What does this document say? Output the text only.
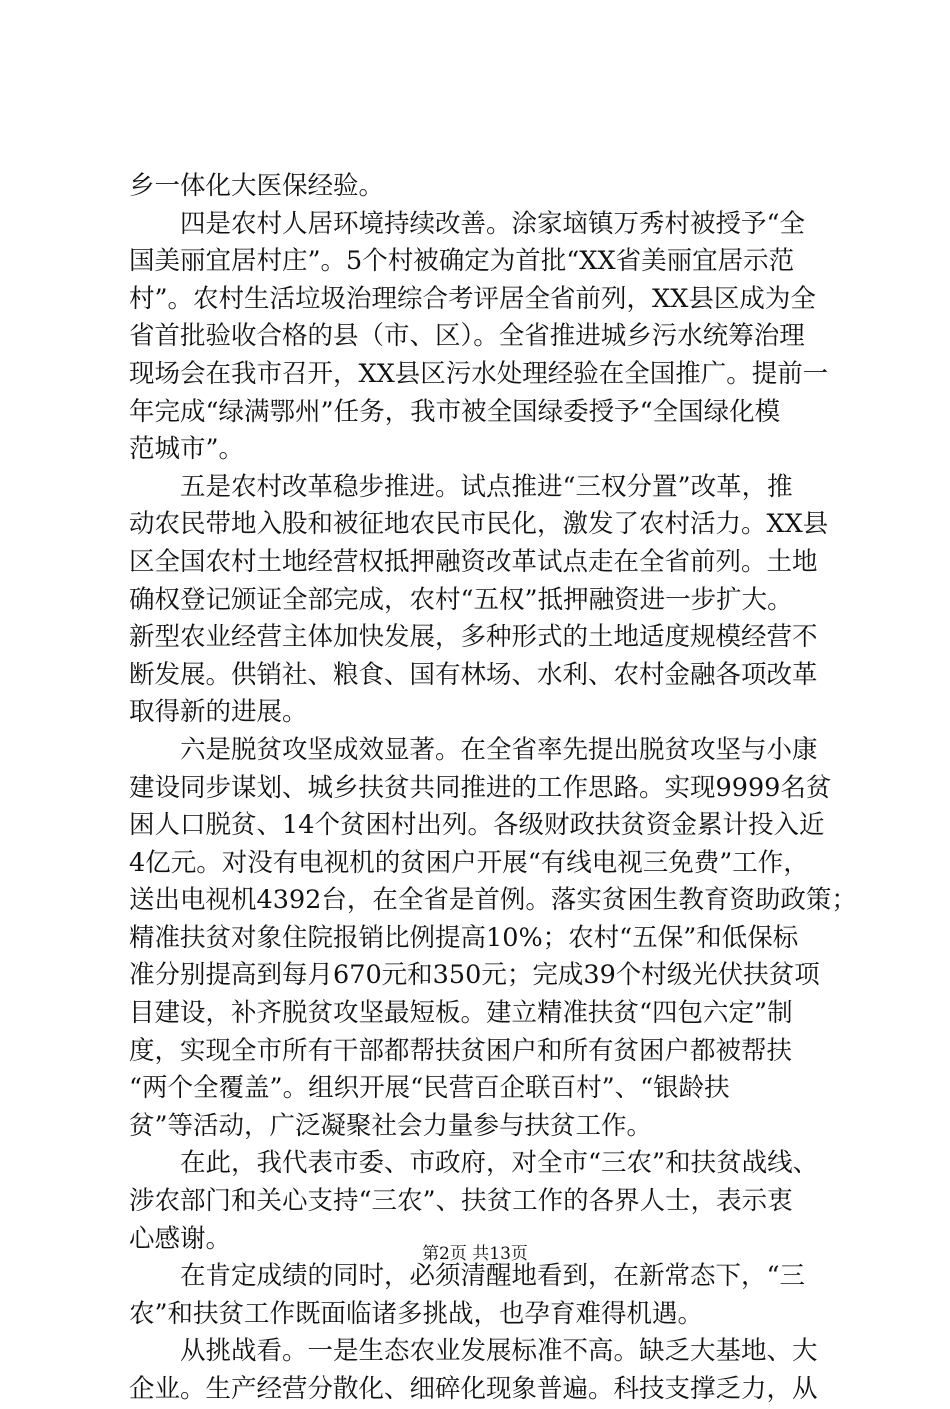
乡一体化大医保经验。
　　四是农村人居环境持续改善。涂家垴镇万秀村被授予“全
国美丽宜居村庄”。5个村被确定为首批“XX省美丽宜居示范
村”。农村生活垃圾治理综合考评居全省前列，XX县区成为全
省首批验收合格的县（市、区）。全省推进城乡污水统筹治理
现场会在我市召开，XX县区污水处理经验在全国推广。提前一
年完成“绿满鄂州”任务，我市被全国绿委授予“全国绿化模
范城市”。
　　五是农村改革稳步推进。试点推进“三权分置”改革，推
动农民带地入股和被征地农民市民化，激发了农村活力。XX县
区全国农村土地经营权抵押融资改革试点走在全省前列。土地
确权登记颁证全部完成，农村“五权”抵押融资进一步扩大。
新型农业经营主体加快发展，多种形式的土地适度规模经营不
断发展。供销社、粮食、国有林场、水利、农村金融各项改革
取得新的进展。
　　六是脱贫攻坚成效显著。在全省率先提出脱贫攻坚与小康
建设同步谋划、城乡扶贫共同推进的工作思路。实现9999名贫
困人口脱贫、14个贫困村出列。各级财政扶贫资金累计投入近
4亿元。对没有电视机的贫困户开展“有线电视三免费”工作，
送出电视机4392台，在全省是首例。落实贫困生教育资助政策；
精准扶贫对象住院报销比例提高10%；农村“五保”和低保标
准分别提高到每月670元和350元；完成39个村级光伏扶贫项
目建设，补齐脱贫攻坚最短板。建立精准扶贫“四包六定”制
度，实现全市所有干部都帮扶贫困户和所有贫困户都被帮扶
“两个全覆盖”。组织开展“民营百企联百村”、“银龄扶
贫”等活动，广泛凝聚社会力量参与扶贫工作。
　　在此，我代表市委、市政府，对全市“三农”和扶贫战线、
涉农部门和关心支持“三农”、扶贫工作的各界人士，表示衷
心感谢。
　　在肯定成绩的同时，必须清醒地看到，在新常态下，“三
农”和扶贫工作既面临诸多挑战，也孕育难得机遇。
　　从挑战看。一是生态农业发展标准不高。缺乏大基地、大
企业。生产经营分散化、细碎化现象普遍。科技支撑乏力，从
第2页 共13页
